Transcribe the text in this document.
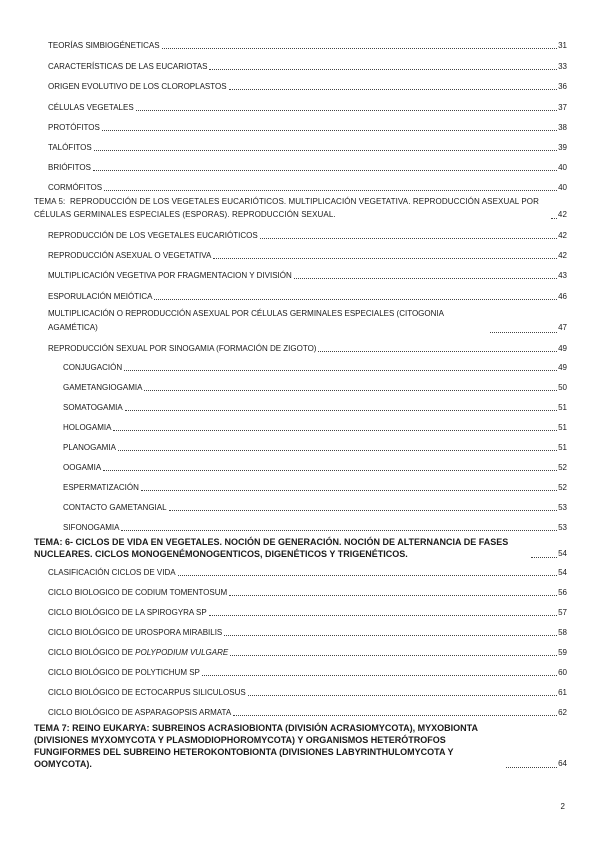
TEORÍAS SIMBIOGÉNETICAS	31
CARACTERÍSTICAS DE LAS EUCARIOTAS	33
ORIGEN EVOLUTIVO DE LOS CLOROPLASTOS	36
CÉLULAS VEGETALES	37
PROTÓFITOS	38
TALÓFITOS	39
BRIÓFITOS	40
CORMÓFITOS	40
TEMA 5:  REPRODUCCIÓN DE LOS VEGETALES EUCARIÓTICOS. MULTIPLICACIÓN VEGETATIVA. REPRODUCCIÓN ASEXUAL POR CÉLULAS GERMINALES ESPECIALES (ESPORAS). REPRODUCCIÓN SEXUAL.	42
REPRODUCCIÓN DE LOS VEGETALES EUCARIÓTICOS	42
REPRODUCCIÓN ASEXUAL O VEGETATIVA	42
MULTIPLICACIÓN VEGETIVA POR FRAGMENTACION Y DIVISIÓN	43
ESPORULACIÓN MEIÓTICA	46
MULTIPLICACIÓN O REPRODUCCIÓN ASEXUAL POR CÉLULAS GERMINALES ESPECIALES (CITOGONIA AGAMÉTICA)	47
REPRODUCCIÓN SEXUAL POR SINOGAMIA (FORMACIÓN DE ZIGOTO)	49
CONJUGACIÓN	49
GAMETANGIOGAMIA	50
SOMATOGAMIA	51
HOLOGAMIA	51
PLANOGAMIA	51
OOGAMIA	52
ESPERMATIZACIÓN	52
CONTACTO GAMETANGIAL	53
SIFONOGAMIA	53
TEMA: 6- CICLOS DE VIDA EN VEGETALES. NOCIÓN DE GENERACIÓN. NOCIÓN DE ALTERNANCIA DE FASES NUCLEARES. CICLOS MONOGENÉMONOGENTICOS, DIGENÉTICOS Y TRIGENÉTICOS.	54
CLASIFICACIÓN CICLOS DE VIDA	54
CICLO BIOLOGICO DE CODIUM TOMENTOSUM	56
CICLO BIOLÓGICO DE LA SPIROGYRA SP	57
CICLO BIOLÓGICO DE UROSPORA MIRABILIS	58
CICLO BIOLÓGICO DE POLYPODIUM VULGARE	59
CICLO BIOLÓGICO DE POLYTICHUM SP	60
CICLO BIOLÓGICO DE ECTOCARPUS SILICULOSUS	61
CICLO BIOLÓGICO DE ASPARAGOPSIS ARMATA	62
TEMA 7: REINO EUKARYA: SUBREINOS ACRASIOBIONTA (DIVISIÓN ACRASIOMYCOTA), MYXOBIONTA (DIVISIONES MYXOMYCOTA Y PLASMODIOPHOROMYCOTA) Y ORGANISMOS HETERÓTROFOS FUNGIFORMES DEL SUBREINO HETEROKONTOBIONTA (DIVISIONES LABYRINTHULOMYCOTA Y OOMYCOTA).	64
2
